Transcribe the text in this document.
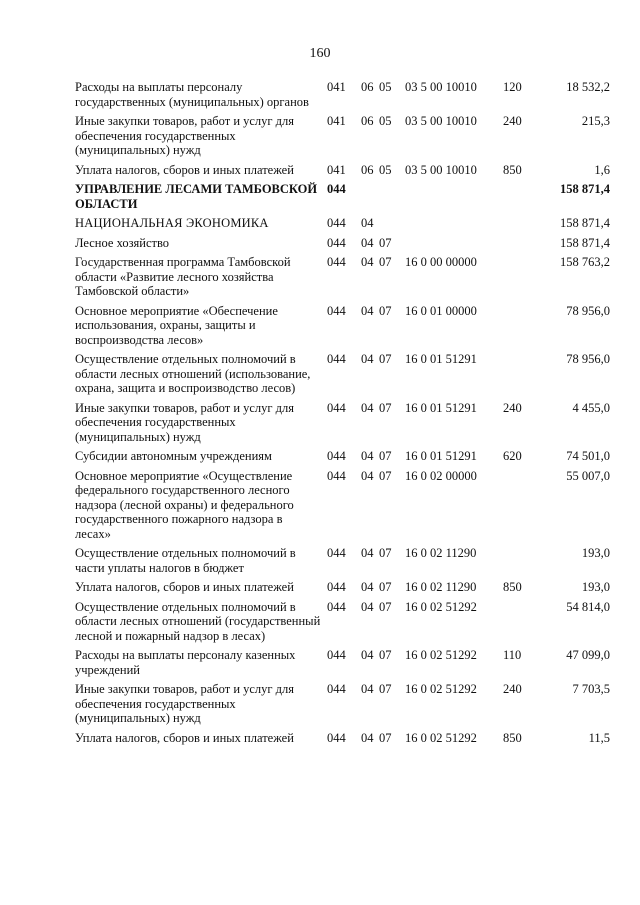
160
Расходы на выплаты персоналу государственных (муниципальных) органов	041	06	05	03 5 00 10010	120	18 532,2
Иные закупки товаров, работ и услуг для обеспечения государственных (муниципальных) нужд	041	06	05	03 5 00 10010	240	215,3
Уплата налогов, сборов и иных платежей	041	06	05	03 5 00 10010	850	1,6
УПРАВЛЕНИЕ ЛЕСАМИ ТАМБОВСКОЙ ОБЛАСТИ	044					158 871,4
НАЦИОНАЛЬНАЯ ЭКОНОМИКА	044	04				158 871,4
Лесное хозяйство	044	04	07			158 871,4
Государственная программа Тамбовской области «Развитие лесного хозяйства Тамбовской области»	044	04	07	16 0 00 00000		158 763,2
Основное мероприятие «Обеспечение использования, охраны, защиты и воспроизводства лесов»	044	04	07	16 0 01 00000		78 956,0
Осуществление отдельных полномочий в области лесных отношений (использование, охрана, защита и воспроизводство лесов)	044	04	07	16 0 01 51291		78 956,0
Иные закупки товаров, работ и услуг для обеспечения государственных (муниципальных) нужд	044	04	07	16 0 01 51291	240	4 455,0
Субсидии автономным учреждениям	044	04	07	16 0 01 51291	620	74 501,0
Основное мероприятие «Осуществление федерального государственного лесного надзора (лесной охраны) и федерального государственного пожарного надзора в лесах»	044	04	07	16 0 02 00000		55 007,0
Осуществление отдельных полномочий в части уплаты налогов в бюджет	044	04	07	16 0 02 11290		193,0
Уплата налогов, сборов и иных платежей	044	04	07	16 0 02 11290	850	193,0
Осуществление отдельных полномочий в области лесных отношений (государственный лесной и пожарный надзор в лесах)	044	04	07	16 0 02 51292		54 814,0
Расходы на выплаты персоналу казенных учреждений	044	04	07	16 0 02 51292	110	47 099,0
Иные закупки товаров, работ и услуг для обеспечения государственных (муниципальных) нужд	044	04	07	16 0 02 51292	240	7 703,5
Уплата налогов, сборов и иных платежей	044	04	07	16 0 02 51292	850	11,5
